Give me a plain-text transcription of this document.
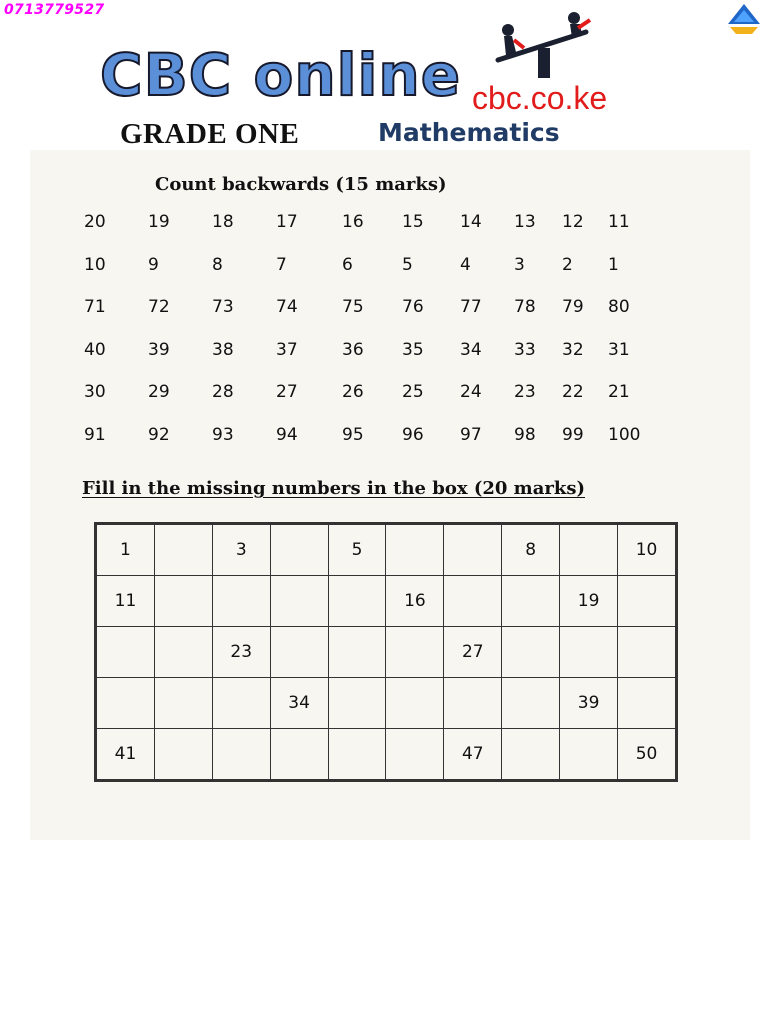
0713779527
CBC online cbc.co.ke
GRADE ONE	Mathematics
Count backwards (15 marks)
20 19 18 17	16 15 14 13 12 11
10 9	8	7	6	5	4	3 2 1
71 72 73 74	75 76 77 78 79 80
40 39 38 37	36 35 34 33 32 31
30 29 28 27	26 25 24 23 22 21
91 92 93 94	95 96 97 98 99 100
Fill in the missing numbers in the box (20 marks)
1		3		5			8		10
11					16			19	
		23				27			
			34					39	
41						47			50
